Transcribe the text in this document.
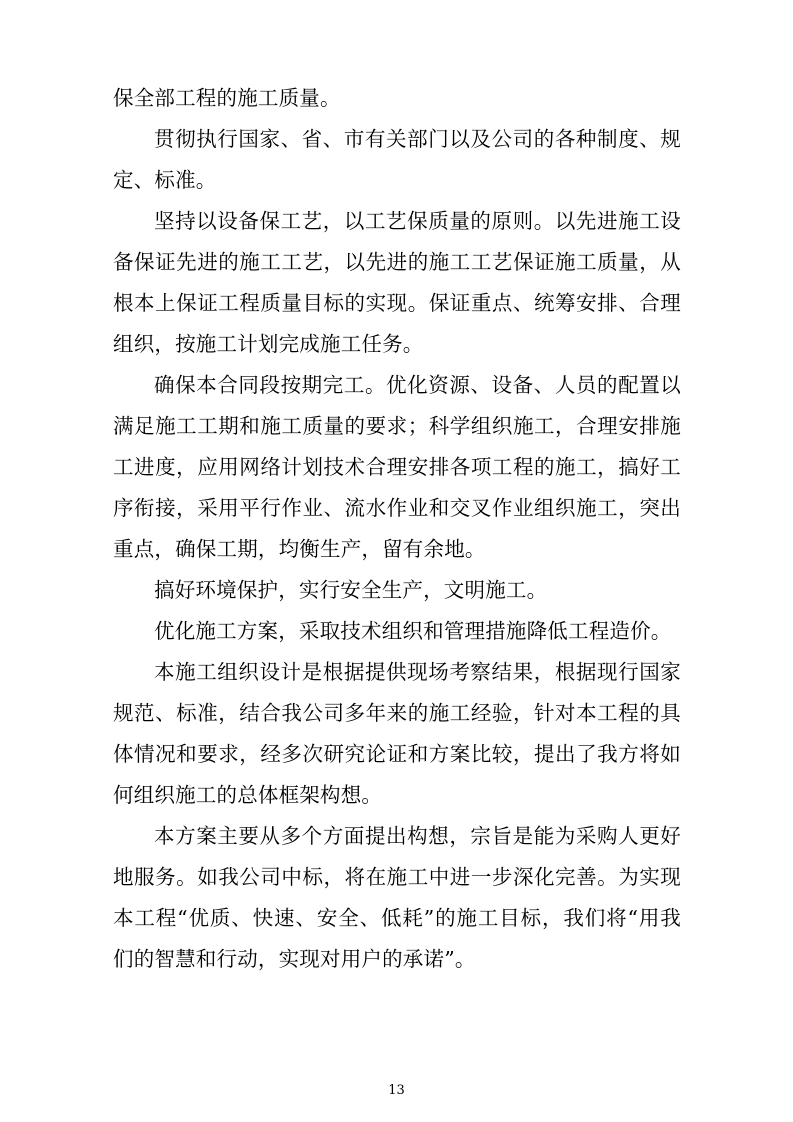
保全部工程的施工质量。

贯彻执行国家、省、市有关部门以及公司的各种制度、规定、标准。

坚持以设备保工艺，以工艺保质量的原则。以先进施工设备保证先进的施工工艺，以先进的施工工艺保证施工质量，从根本上保证工程质量目标的实现。保证重点、统筹安排、合理组织，按施工计划完成施工任务。

确保本合同段按期完工。优化资源、设备、人员的配置以满足施工工期和施工质量的要求；科学组织施工，合理安排施工进度，应用网络计划技术合理安排各项工程的施工，搞好工序衔接，采用平行作业、流水作业和交叉作业组织施工，突出重点，确保工期，均衡生产，留有余地。

搞好环境保护，实行安全生产，文明施工。

优化施工方案，采取技术组织和管理措施降低工程造价。

本施工组织设计是根据提供现场考察结果，根据现行国家规范、标准，结合我公司多年来的施工经验，针对本工程的具体情况和要求，经多次研究论证和方案比较，提出了我方将如何组织施工的总体框架构想。

本方案主要从多个方面提出构想，宗旨是能为采购人更好地服务。如我公司中标，将在施工中进一步深化完善。为实现本工程“优质、快速、安全、低耗”的施工目标，我们将“用我们的智慧和行动，实现对用户的承诺”。

13
